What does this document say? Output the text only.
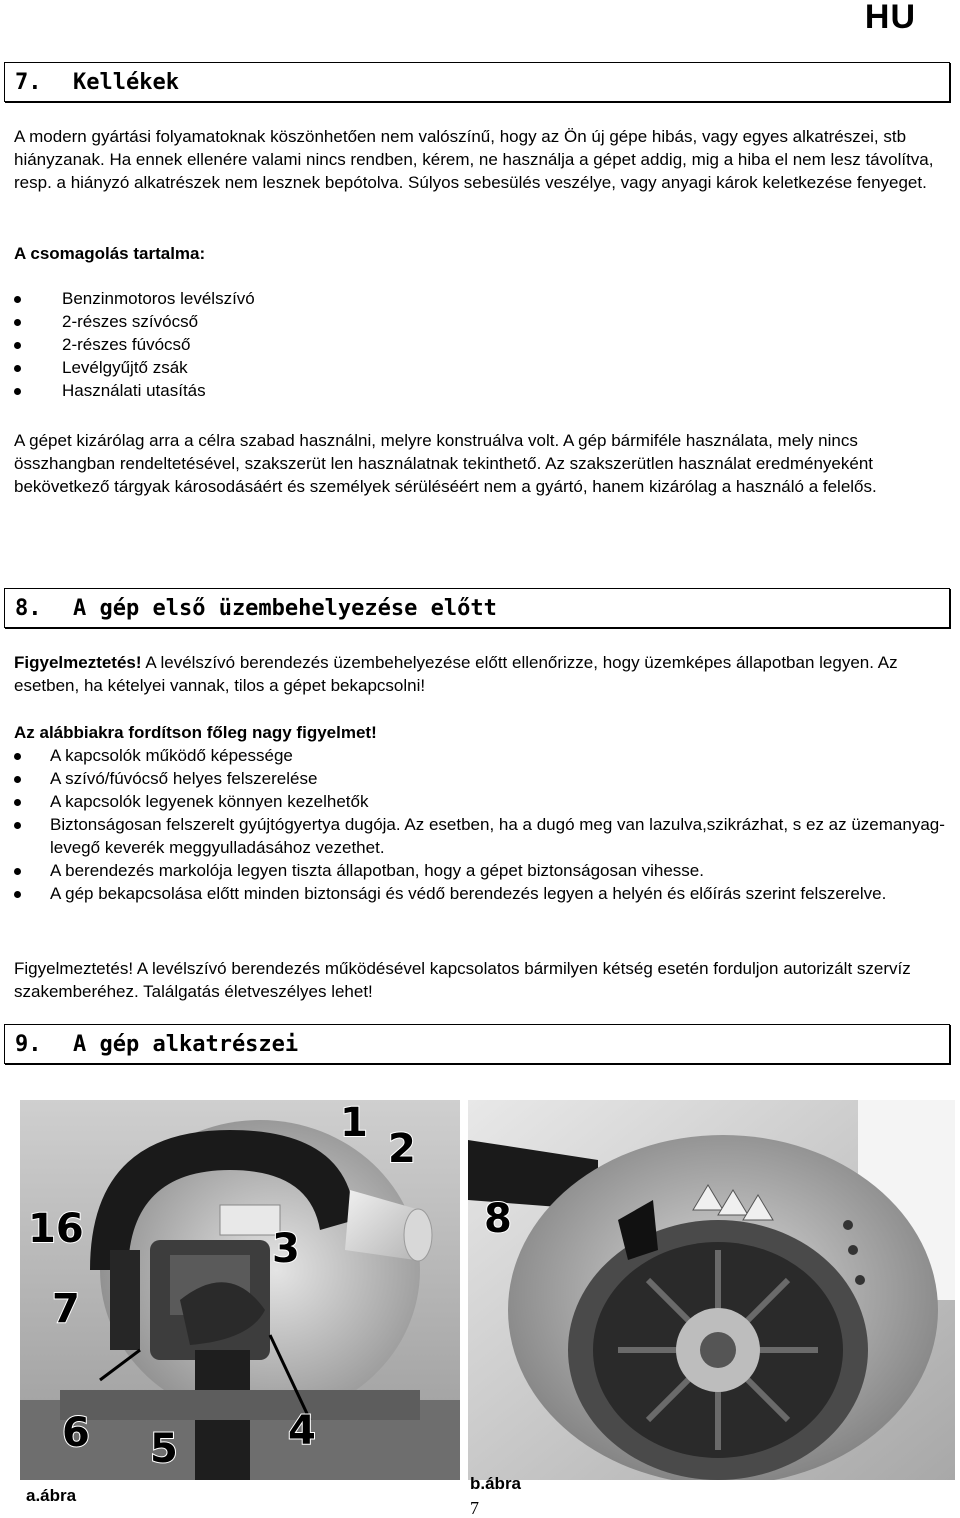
HU
7. Kellékek
A modern gyártási folyamatoknak köszönhetően nem valószínű, hogy az Ön új gépe hibás, vagy egyes alkatrészei, stb hiányzanak. Ha ennek ellenére valami nincs rendben, kérem, ne használja a gépet addig, mig a hiba el nem lesz távolítva, resp. a hiányzó alkatrészek nem lesznek bepótolva. Súlyos sebesülés veszélye, vagy anyagi károk keletkezése fenyeget.
A csomagolás tartalma:
Benzinmotoros levélszívó
2-részes szívócső
2-részes fúvócső
Levélgyűjtő zsák
Használati utasítás
A gépet kizárólag arra a célra szabad használni, melyre konstruálva volt. A gép bármiféle használata, mely nincs összhangban rendeltetésével, szakszerüt len használatnak tekinthető. Az szakszerütlen használat eredményeként bekövetkező tárgyak károsodásáért és személyek sérüléséért nem a gyártó, hanem kizárólag a használó a felelős.
8. A gép első üzembehelyezése előtt
Figyelmeztetés! A levélszívó berendezés üzembehelyezése előtt ellenőrizze, hogy üzemképes állapotban legyen. Az esetben, ha kételyei vannak, tilos a gépet bekapcsolni!
Az alábbiakra fordítson főleg nagy figyelmet!
A kapcsolók működő képessége
A szívó/fúvócső helyes felszerelése
A kapcsolók legyenek könnyen kezelhetők
Biztonságosan felszerelt gyújtógyertya dugója. Az esetben, ha a dugó meg van lazulva,szikrázhat, s ez az üzemanyag- levegő keverék meggyulladásához vezethet.
A berendezés markolója legyen tiszta állapotban, hogy a gépet biztonságosan vihesse.
A gép bekapcsolása előtt minden biztonsági és védő berendezés legyen a helyén és előírás szerint felszerelve.
Figyelmeztetés! A levélszívó berendezés működésével kapcsolatos bármilyen kétség esetén forduljon autorizált szervíz szakemberéhez. Találgatás életveszélyes lehet!
9. A gép alkatrészei
1
2
16	3
7
6 5	4
8
a.ábra
b.ábra
7
